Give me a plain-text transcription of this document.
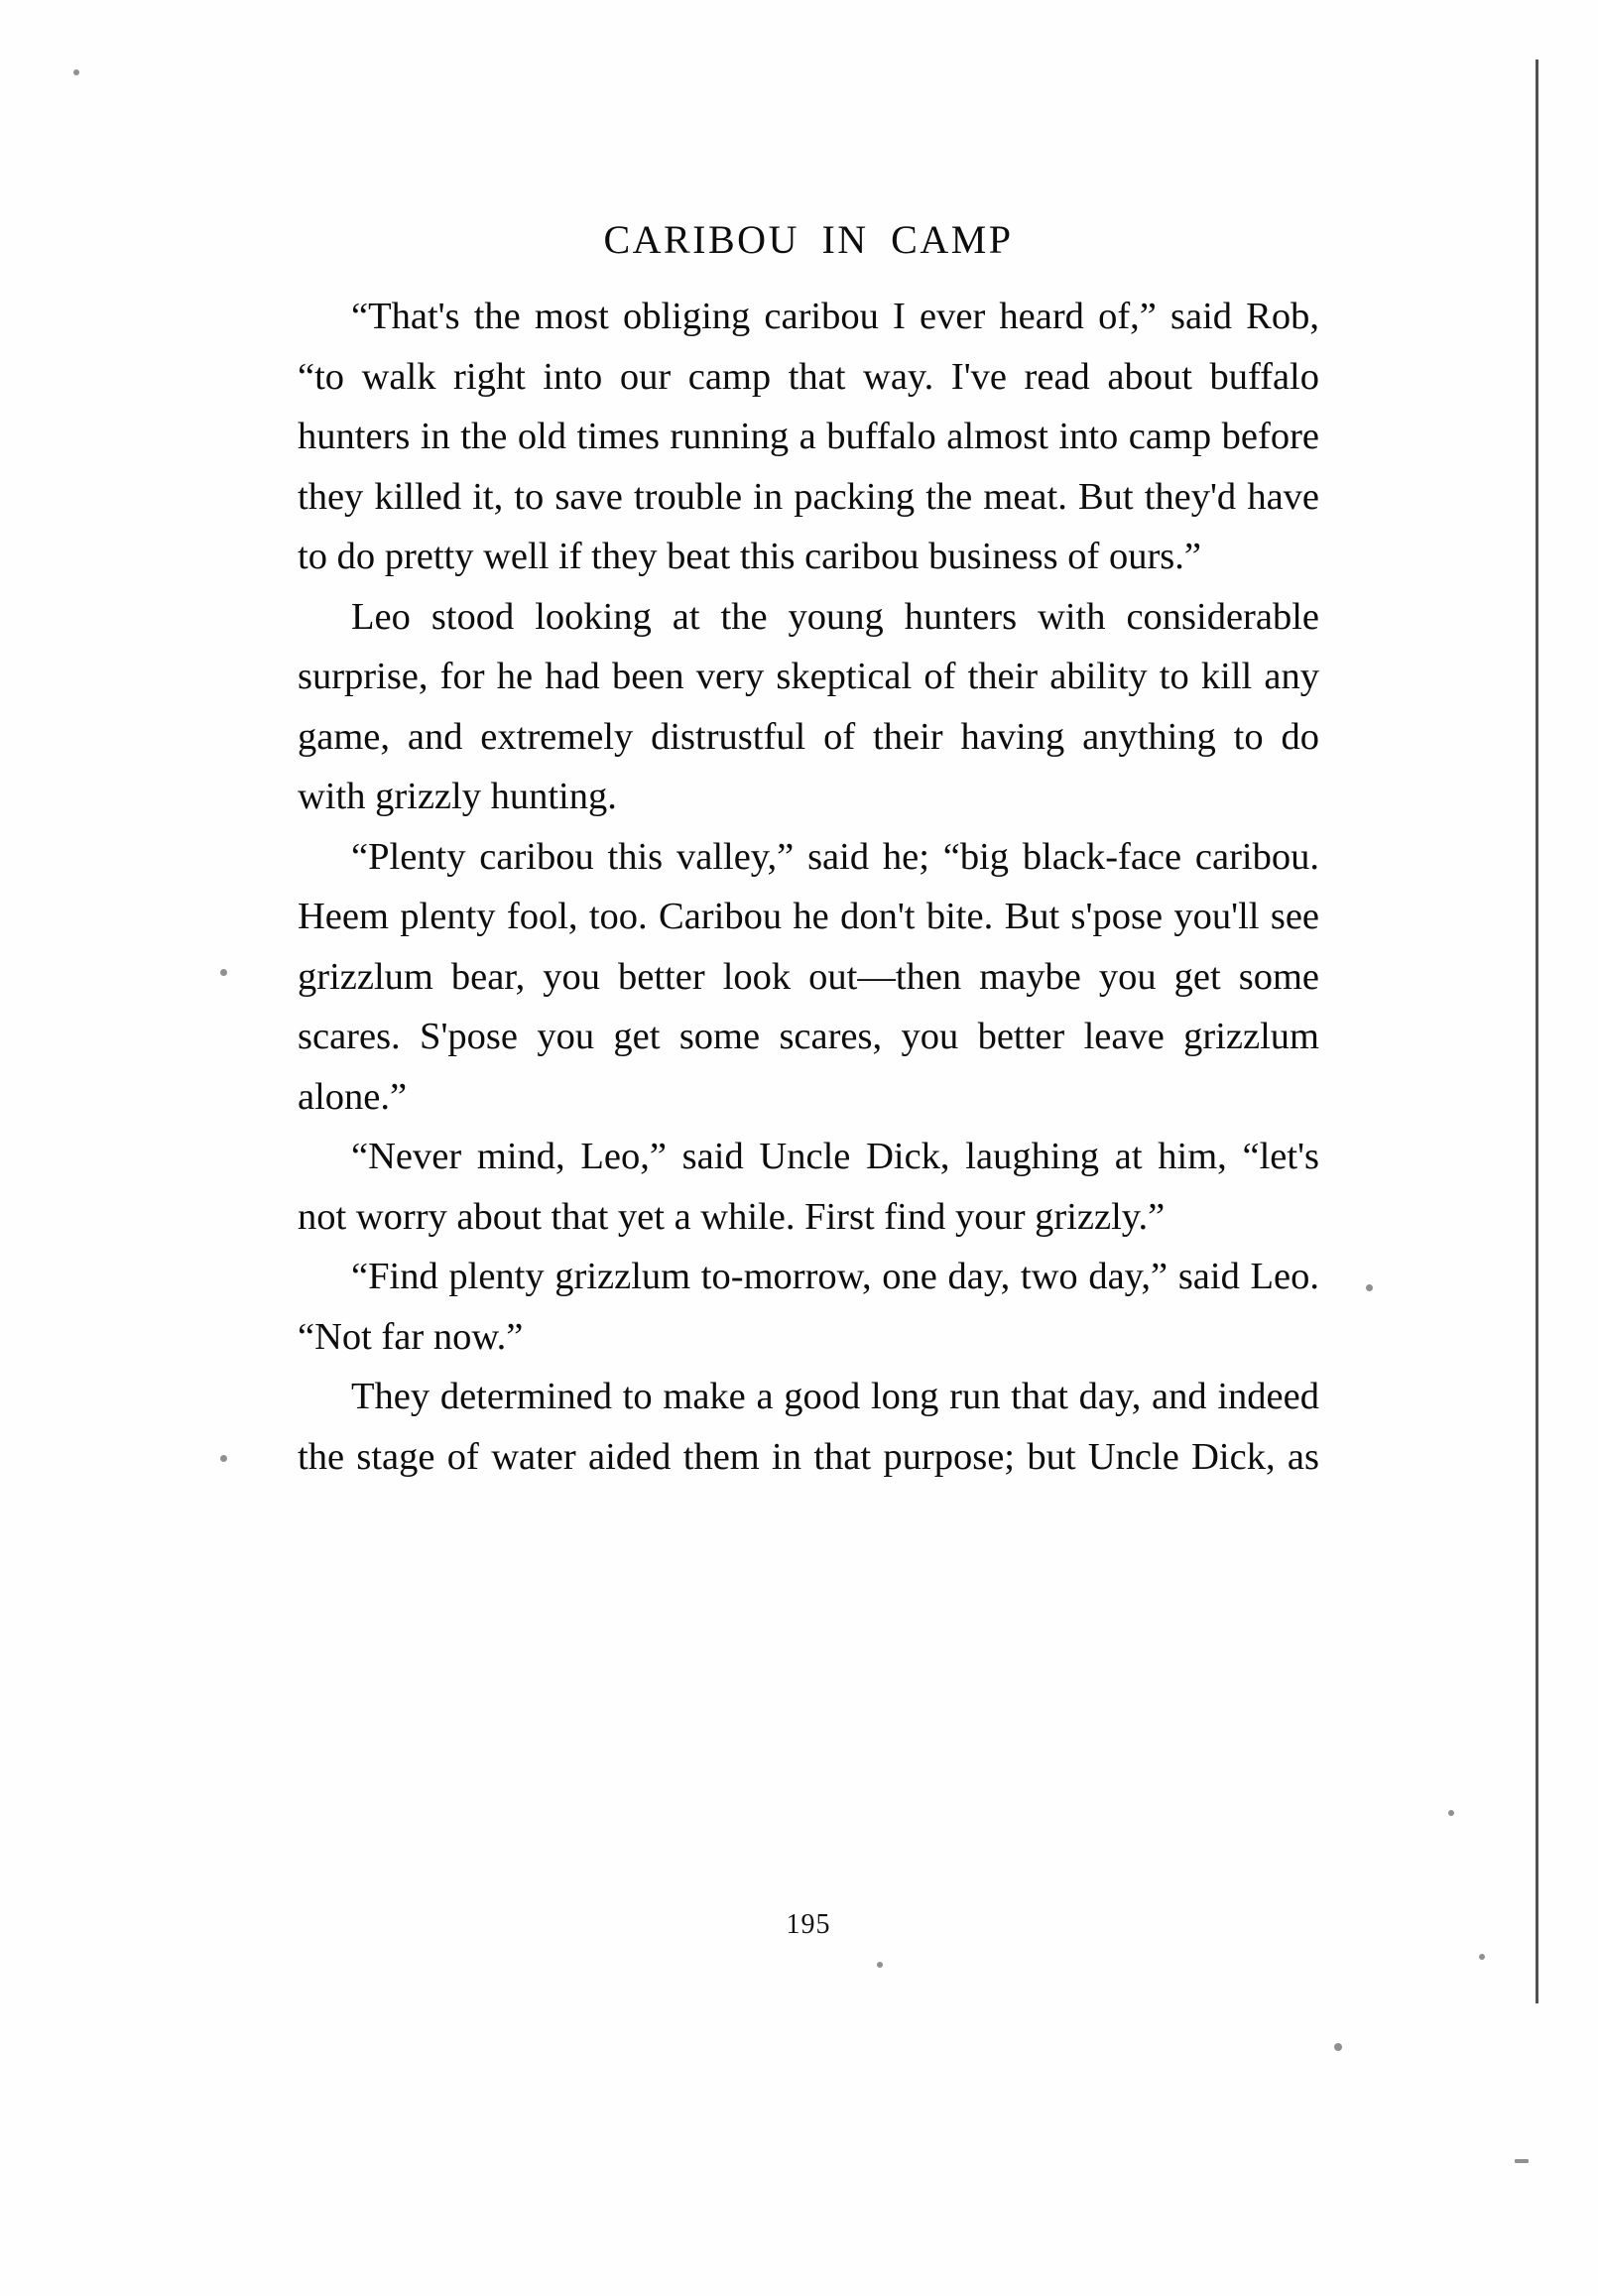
CARIBOU IN CAMP

“That's the most obliging caribou I ever heard of,” said Rob, “to walk right into our camp that way. I've read about buffalo hunters in the old times running a buffalo almost into camp before they killed it, to save trouble in packing the meat. But they'd have to do pretty well if they beat this caribou business of ours.”

Leo stood looking at the young hunters with considerable surprise, for he had been very skeptical of their ability to kill any game, and extremely distrustful of their having anything to do with grizzly hunting.

“Plenty caribou this valley,” said he; “big black-face caribou. Heem plenty fool, too. Caribou he don't bite. But s'pose you'll see grizzlum bear, you better look out—then maybe you get some scares. S'pose you get some scares, you better leave grizzlum alone.”

“Never mind, Leo,” said Uncle Dick, laughing at him, “let's not worry about that yet a while. First find your grizzly.”

“Find plenty grizzlum to-morrow, one day, two day,” said Leo. “Not far now.”

They determined to make a good long run that day, and indeed the stage of water aided them in that purpose; but Uncle Dick, as

195
